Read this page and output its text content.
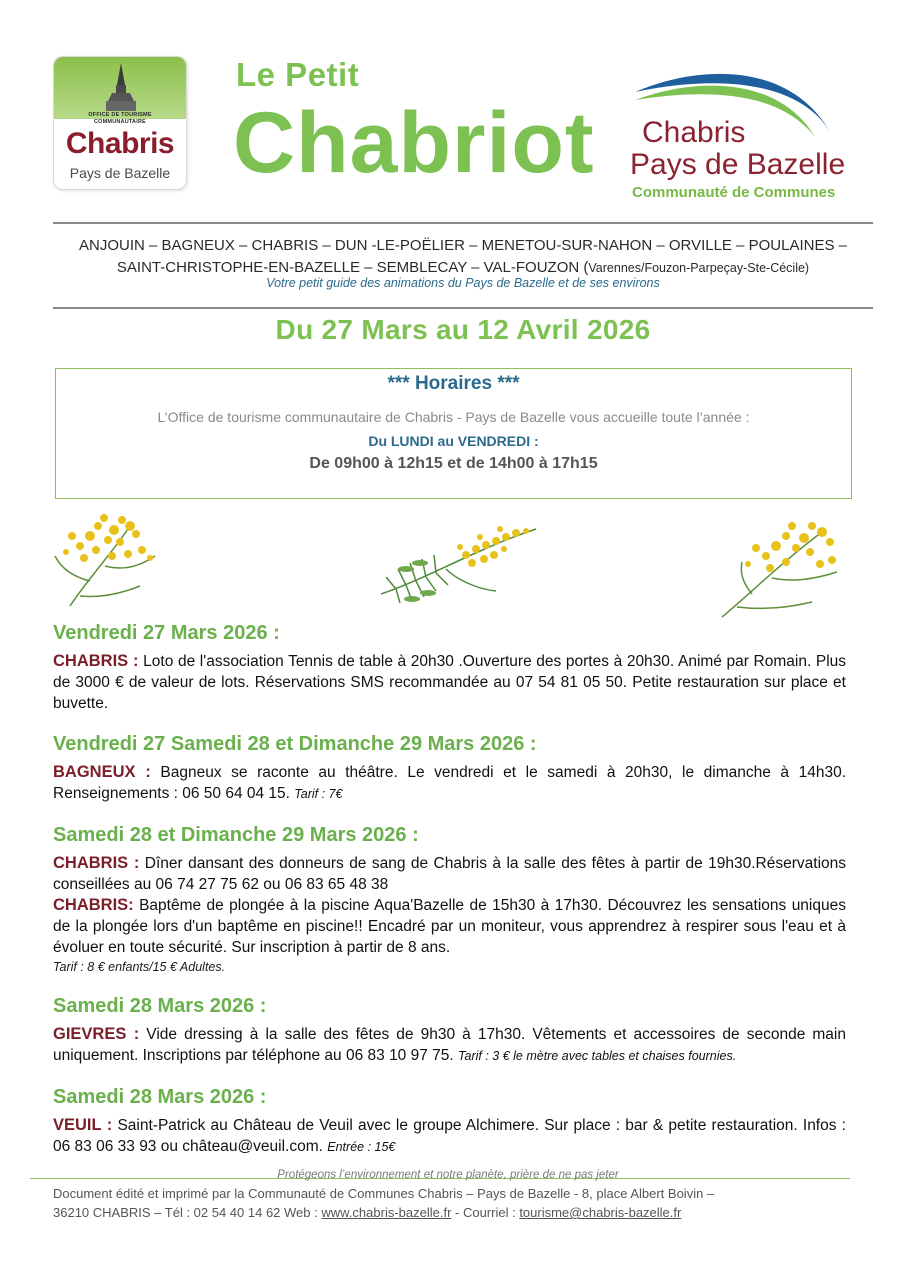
OFFICE DE TOURISME
COMMUNAUTAIRE
Chabris
Pays de Bazelle
Le Petit
Chabriot Chabris
Pays de Bazelle
Communauté de Communes
ANJOUIN – BAGNEUX – CHABRIS – DUN -LE-POËLIER – MENETOU-SUR-NAHON – ORVILLE – POULAINES –
SAINT-CHRISTOPHE-EN-BAZELLE – SEMBLECAY – VAL-FOUZON (Varennes/Fouzon-Parpeçay-Ste-Cécile)
Votre petit guide des animations du Pays de Bazelle et de ses environs
Du 27 Mars au 12 Avril 2026
*** Horaires ***
L’Office de tourisme communautaire de Chabris - Pays de Bazelle vous accueille toute l’année :
Du LUNDI au VENDREDI :
De 09h00 à 12h15 et de 14h00 à 17h15
Vendredi 27 Mars 2026 :
CHABRIS : Loto de l'association Tennis de table à 20h30 .Ouverture des portes à 20h30. Animé par Romain. Plus de 3000 € de valeur de lots. Réservations SMS recommandée au 07 54 81 05 50. Petite restauration sur place et buvette.
Vendredi 27 Samedi 28 et Dimanche 29 Mars 2026 :
BAGNEUX : Bagneux se raconte au théâtre. Le vendredi et le samedi à 20h30, le dimanche à 14h30. Renseignements : 06 50 64 04 15. Tarif : 7€
Samedi 28 et Dimanche 29 Mars 2026 :
CHABRIS : Dîner dansant des donneurs de sang de Chabris à la salle des fêtes à partir de 19h30.Réservations conseillées au 06 74 27 75 62 ou 06 83 65 48 38
CHABRIS: Baptême de plongée à la piscine Aqua'Bazelle de 15h30 à 17h30. Découvrez les sensations uniques de la plongée lors d'un baptême en piscine!! Encadré par un moniteur, vous apprendrez à respirer sous l'eau et à évoluer en toute sécurité. Sur inscription à partir de 8 ans.
Tarif : 8 € enfants/15 € Adultes.
Samedi 28 Mars 2026 :
GIEVRES : Vide dressing à la salle des fêtes de 9h30 à 17h30. Vêtements et accessoires de seconde main uniquement. Inscriptions par téléphone au 06 83 10 97 75. Tarif : 3 € le mètre avec tables et chaises fournies.
Samedi 28 Mars 2026 :
VEUIL : Saint-Patrick au Château de Veuil avec le groupe Alchimere. Sur place : bar & petite restauration. Infos : 06 83 06 33 93 ou château@veuil.com. Entrée : 15€
Protégeons l’environnement et notre planète, prière de ne pas jeter
Document édité et imprimé par la Communauté de Communes Chabris – Pays de Bazelle - 8, place Albert Boivin –
36210 CHABRIS – Tél : 02 54 40 14 62 Web : www.chabris-bazelle.fr - Courriel : tourisme@chabris-bazelle.fr
